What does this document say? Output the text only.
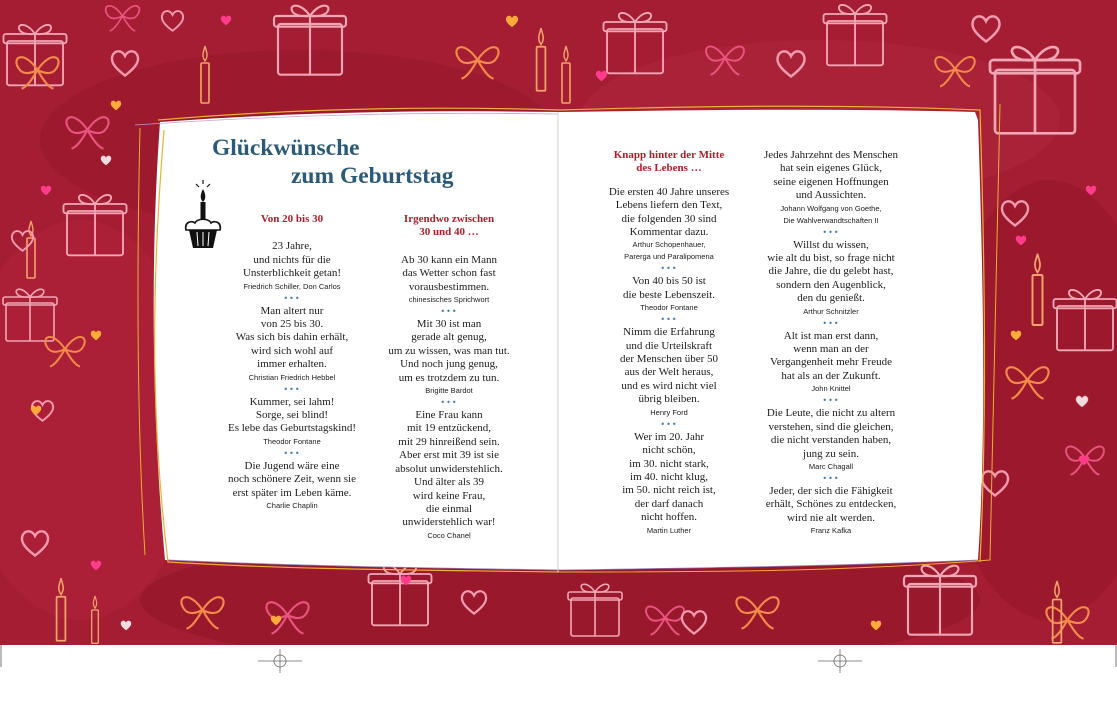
Glückwünsche

zum Geburtstag
Von 20 bis 30
23 Jahre,
und nichts für die
Unsterblichkeit getan!
Friedrich Schiller, Don Carlos
•••
Man altert nur
von 25 bis 30.
Was sich bis dahin erhält,
wird sich wohl auf
immer erhalten.
Christian Friedrich Hebbel
•••
Kummer, sei lahm!
Sorge, sei blind!
Es lebe das Geburtstagskind!
Theodor Fontane
•••
Die Jugend wäre eine
noch schönere Zeit, wenn sie
erst später im Leben käme.
Charlie Chaplin
Irgendwo zwischen
30 und 40 …
Ab 30 kann ein Mann
das Wetter schon fast
vorausbestimmen.
chinesisches Sprichwort
•••
Mit 30 ist man
gerade alt genug,
um zu wissen, was man tut.
Und noch jung genug,
um es trotzdem zu tun.
Brigitte Bardot
•••
Eine Frau kann
mit 19 entzückend,
mit 29 hinreißend sein.
Aber erst mit 39 ist sie
absolut unwiderstehlich.
Und älter als 39
wird keine Frau,
die einmal
unwiderstehlich war!
Coco Chanel
Knapp hinter der Mitte
des Lebens …
Die ersten 40 Jahre unseres
Lebens liefern den Text,
die folgenden 30 sind
Kommentar dazu.
Arthur Schopenhauer,
Parerga und Paralipomena
•••
Von 40 bis 50 ist
die beste Lebenszeit.
Theodor Fontane
•••
Nimm die Erfahrung
und die Urteilskraft
der Menschen über 50
aus der Welt heraus,
und es wird nicht viel
übrig bleiben.
Henry Ford
•••
Wer im 20. Jahr
nicht schön,
im 30. nicht stark,
im 40. nicht klug,
im 50. nicht reich ist,
der darf danach
nicht hoffen.
Martin Luther
Jedes Jahrzehnt des Menschen
hat sein eigenes Glück,
seine eigenen Hoffnungen
und Aussichten.
Johann Wolfgang von Goethe,
Die Wahlverwandtschaften II
•••
Willst du wissen,
wie alt du bist, so frage nicht
die Jahre, die du gelebt hast,
sondern den Augenblick,
den du genießt.
Arthur Schnitzler
•••
Alt ist man erst dann,
wenn man an der
Vergangenheit mehr Freude
hat als an der Zukunft.
John Knittel
•••
Die Leute, die nicht zu altern
verstehen, sind die gleichen,
die nicht verstanden haben,
jung zu sein.
Marc Chagall
•••
Jeder, der sich die Fähigkeit
erhält, Schönes zu entdecken,
wird nie alt werden.
Franz Kafka
